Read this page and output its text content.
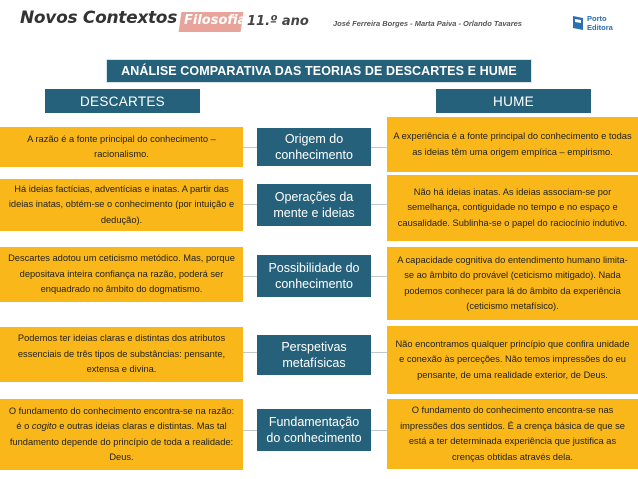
Novos Contextos Filosofia 11.º ano	José Ferreira Borges - Marta Paiva - Orlando Tavares
Porto
Editora
ANÁLISE COMPARATIVA DAS TEORIAS DE DESCARTES E HUME
DESCARTES	HUME
A razão é a fonte principal do conhecimento – racionalismo.
Origem do conhecimento
A experiência é a fonte principal do conhecimento e todas as ideias têm uma origem empírica – empirismo.
Há ideias factícias, adventícias e inatas. A partir das ideias inatas, obtém-se o conhecimento (por intuição e dedução).
Operações da mente e ideias
Não há ideias inatas. As ideias associam-se por semelhança, contiguidade no tempo e no espaço e causalidade. Sublinha-se o papel do raciocínio indutivo.
Descartes adotou um ceticismo metódico. Mas, porque depositava inteira confiança na razão, poderá ser enquadrado no âmbito do dogmatismo.
Possibilidade do conhecimento
A capacidade cognitiva do entendimento humano limita-se ao âmbito do provável (ceticismo mitigado). Nada podemos conhecer para lá do âmbito da experiência (ceticismo metafísico).
Podemos ter ideias claras e distintas dos atributos essenciais de três tipos de substâncias: pensante, extensa e divina.
Perspetivas metafísicas
Não encontramos qualquer princípio que confira unidade e conexão às perceções. Não temos impressões do eu pensante, de uma realidade exterior, de Deus.
O fundamento do conhecimento encontra-se na razão: é o cogito e outras ideias claras e distintas. Mas tal fundamento depende do princípio de toda a realidade: Deus.
Fundamentação do conhecimento
O fundamento do conhecimento encontra-se nas impressões dos sentidos. É a crença básica de que se está a ter determinada experiência que justifica as crenças obtidas através dela.
